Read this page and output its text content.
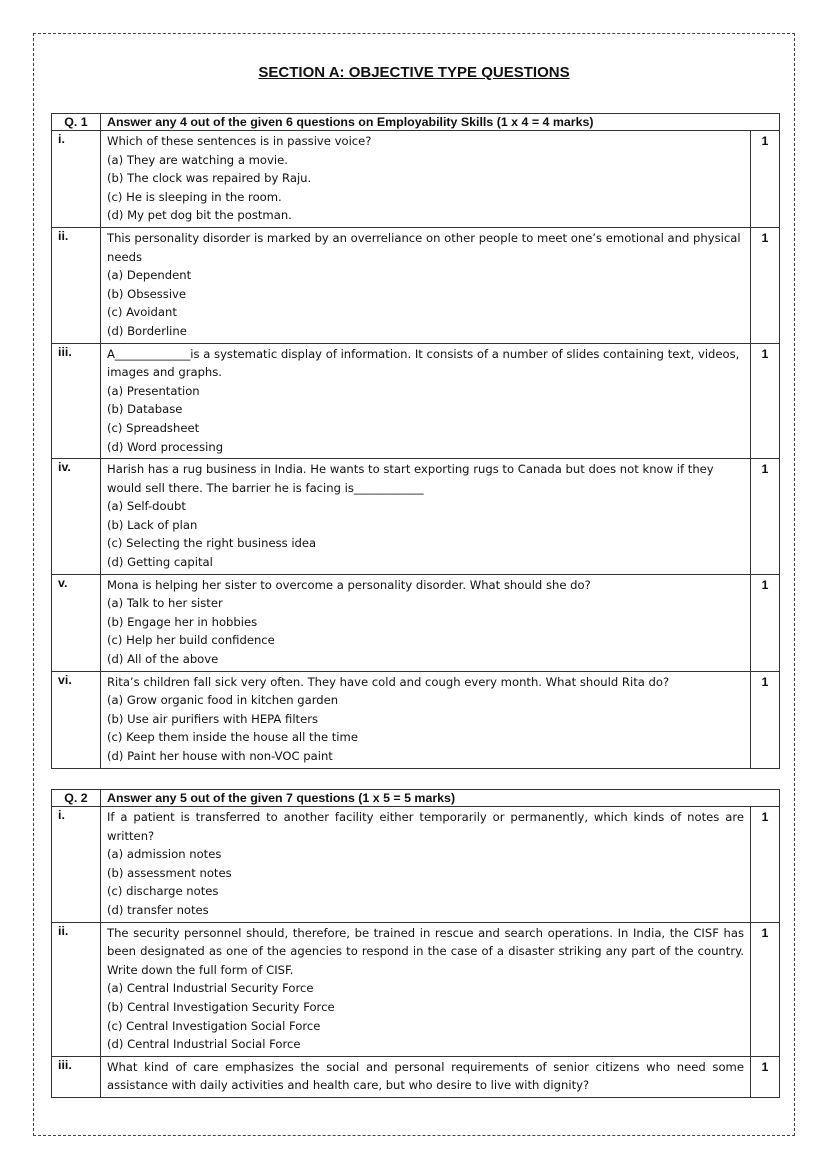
SECTION A: OBJECTIVE TYPE QUESTIONS
Q. 1	Answer any 4 out of the given 6 questions on Employability Skills (1 x 4 = 4 marks)	
i.	Which of these sentences is in passive voice?
(a) They are watching a movie.
(b) The clock was repaired by Raju.
(c) He is sleeping in the room.
(d) My pet dog bit the postman.	1
ii.	This personality disorder is marked by an overreliance on other people to meet one’s emotional and physical needs
(a) Dependent
(b) Obsessive
(c) Avoidant
(d) Borderline	1
iii.	A_____________is a systematic display of information. It consists of a number of slides containing text, videos, images and graphs.
(a) Presentation
(b) Database
(c) Spreadsheet
(d) Word processing	1
iv.	Harish has a rug business in India. He wants to start exporting rugs to Canada but does not know if they would sell there. The barrier he is facing is____________
(a) Self-doubt
(b) Lack of plan
(c) Selecting the right business idea
(d) Getting capital	1
v.	Mona is helping her sister to overcome a personality disorder. What should she do?
(a) Talk to her sister
(b) Engage her in hobbies
(c) Help her build confidence
(d) All of the above	1
vi.	Rita’s children fall sick very often. They have cold and cough every month. What should Rita do?
(a) Grow organic food in kitchen garden
(b) Use air purifiers with HEPA filters
(c) Keep them inside the house all the time
(d) Paint her house with non-VOC paint	1
Q. 2	Answer any 5 out of the given 7 questions (1 x 5 = 5 marks)	
i.	If a patient is transferred to another facility either temporarily or permanently, which kinds of notes are written?
(a) admission notes
(b) assessment notes
(c) discharge notes
(d) transfer notes	1
ii.	The security personnel should, therefore, be trained in rescue and search operations. In India, the CISF has been designated as one of the agencies to respond in the case of a disaster striking any part of the country. Write down the full form of CISF.
(a) Central Industrial Security Force
(b) Central Investigation Security Force
(c) Central Investigation Social Force
(d) Central Industrial Social Force	1
iii.	What kind of care emphasizes the social and personal requirements of senior citizens who need some assistance with daily activities and health care, but who desire to live with dignity?	1
